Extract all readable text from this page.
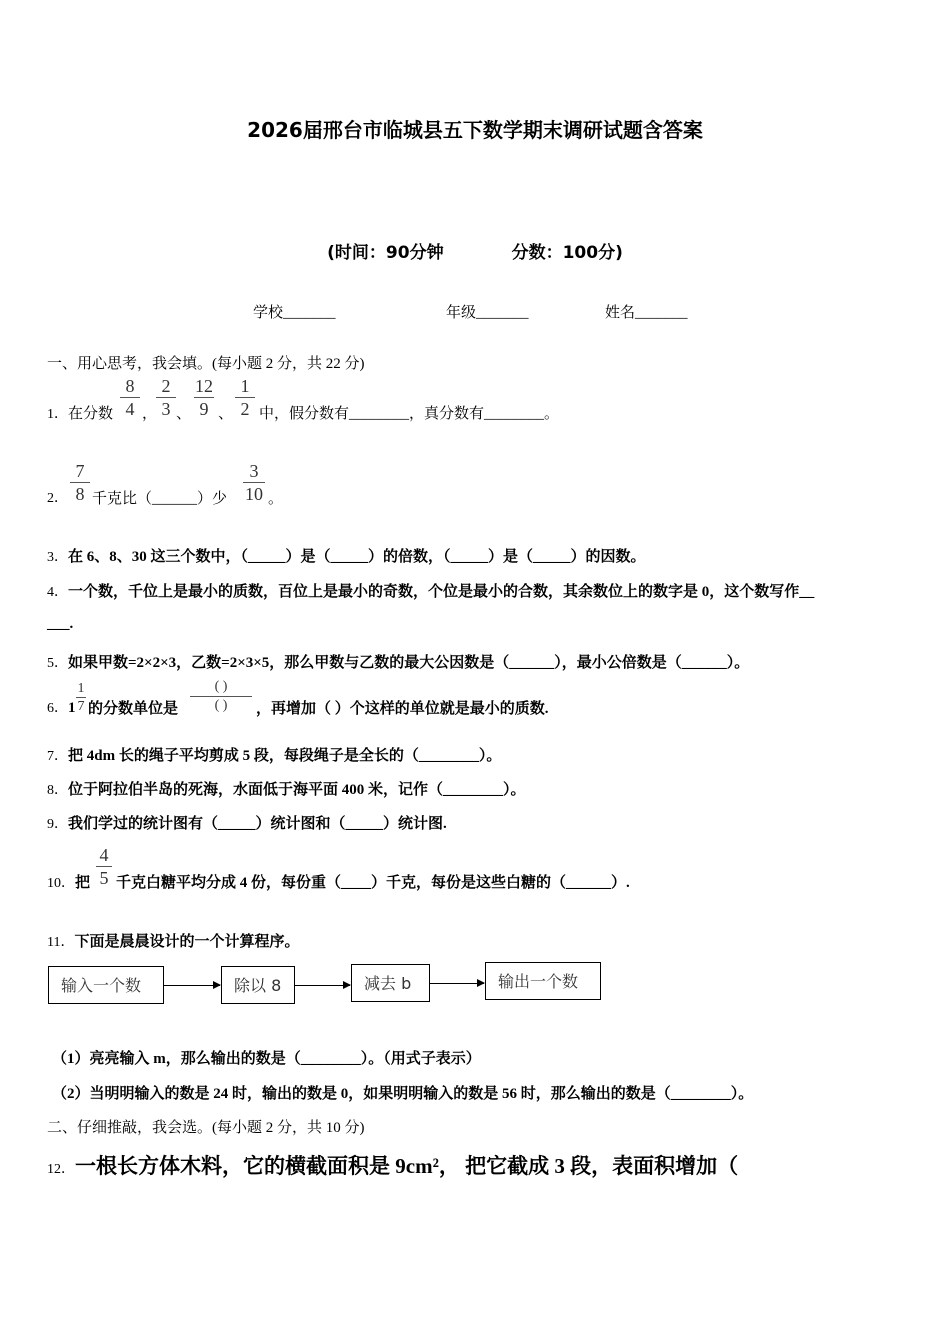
2026届邢台市临城县五下数学期末调研试题含答案
(时间：90分钟	分数：100分)
学校_______	年级_______	姓名_______
一、用心思考，我会填。(每小题 2 分，共 22 分)
1．在分数
8
4 ，
2
3 、
12
9 、
1
2 中，假分数有________，真分数有________。
2．
7
8 千克比（______）少
3
10 。
3．在 6、8、30 这三个数中，（_____）是（_____）的倍数，（_____）是（_____）的因数。
4．一个数，千位上是最小的质数，百位上是最小的奇数，个位是最小的合数，其余数位上的数字是 0，这个数写作__
___.
5．如果甲数=2×2×3，乙数=2×3×5，那么甲数与乙数的最大公因数是（______），最小公倍数是（______）。
6．1
1
7 的分数单位是
( )
( )	，再增加（ ）个这样的单位就是最小的质数.
7．把 4dm 长的绳子平均剪成 5 段，每段绳子是全长的（________）。
8．位于阿拉伯半岛的死海，水面低于海平面 400 米，记作（________）。
9．我们学过的统计图有（_____）统计图和（_____）统计图.
10．把
4
5 千克白糖平均分成 4 份，每份重（____）千克，每份是这些白糖的（______）.
11．下面是晨晨设计的一个计算程序。
输入一个数	除以 8	减去 b	输出一个数
（1）亮亮输入 m，那么输出的数是（________）。（用式子表示）
（2）当明明输入的数是 24 时，输出的数是 0，如果明明输入的数是 56 时，那么输出的数是（________）。
二、仔细推敲，我会选。(每小题 2 分，共 10 分)
12．一根长方体木料，它的横截面积是 9cm²， 把它截成 3 段，表面积增加（
